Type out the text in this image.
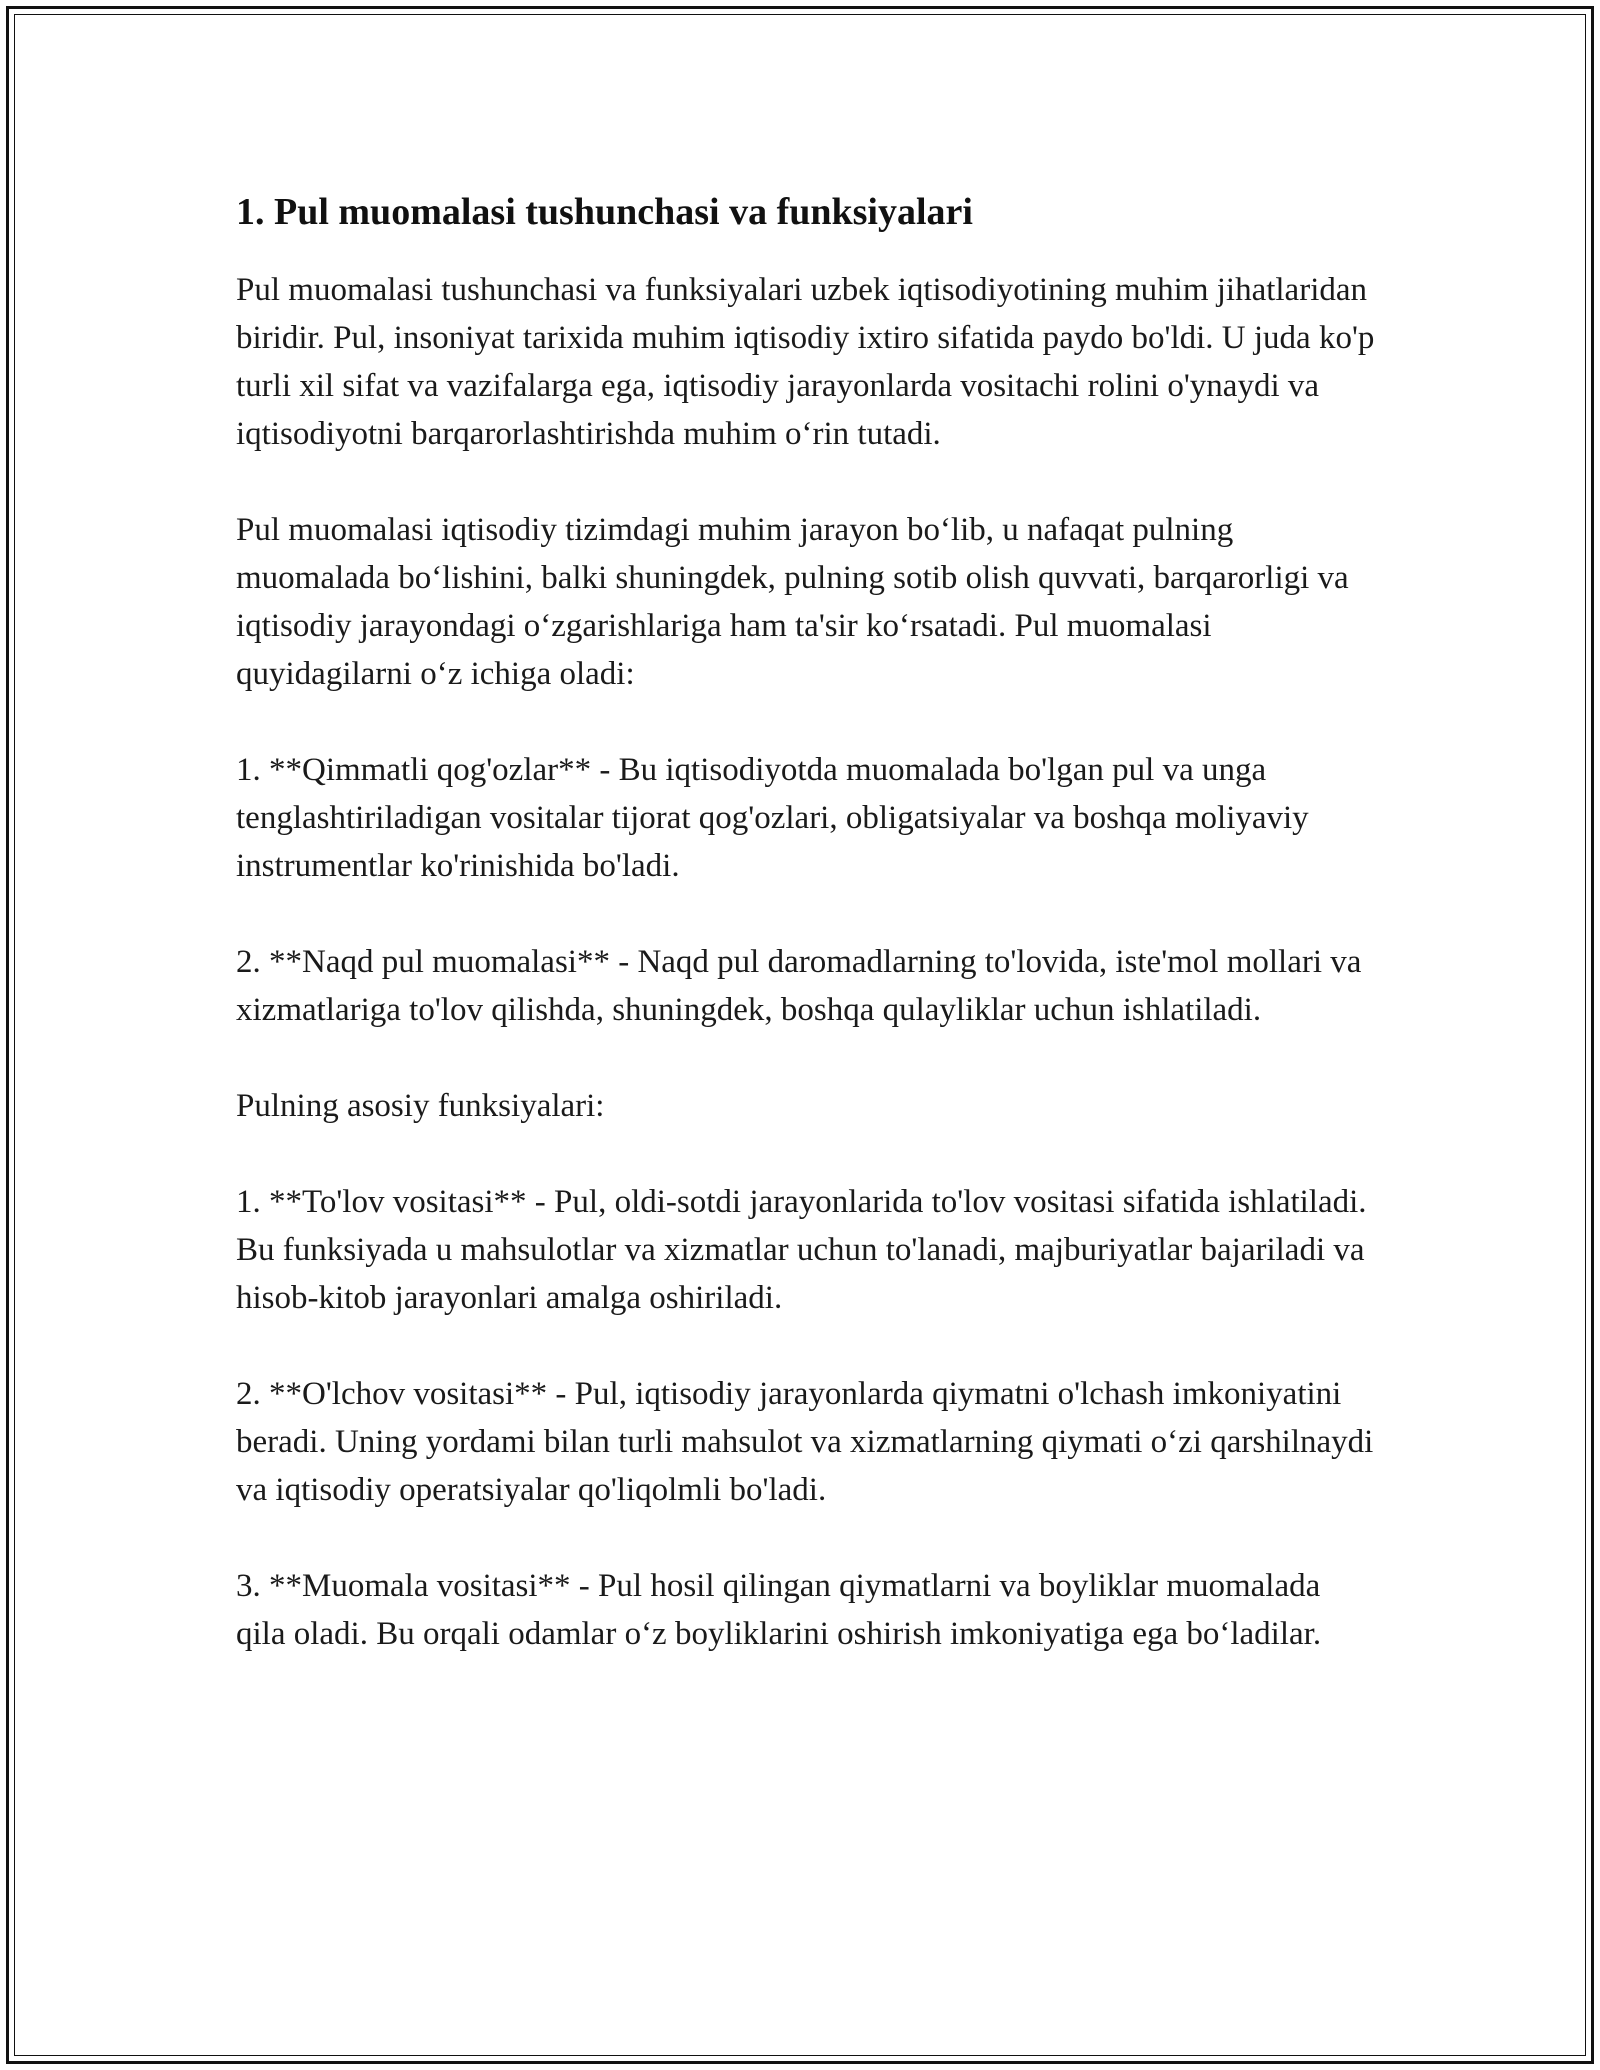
1. Pul muomalasi tushunchasi va funksiyalari

Pul muomalasi tushunchasi va funksiyalari uzbek iqtisodiyotining muhim jihatlaridan biridir. Pul, insoniyat tarixida muhim iqtisodiy ixtiro sifatida paydo bo'ldi. U juda ko'p turli xil sifat va vazifalarga ega, iqtisodiy jarayonlarda vositachi rolini o'ynaydi va iqtisodiyotni barqarorlashtirishda muhim o‘rin tutadi.

Pul muomalasi iqtisodiy tizimdagi muhim jarayon bo‘lib, u nafaqat pulning muomalada bo‘lishini, balki shuningdek, pulning sotib olish quvvati, barqarorligi va iqtisodiy jarayondagi o‘zgarishlariga ham ta'sir ko‘rsatadi. Pul muomalasi quyidagilarni o‘z ichiga oladi:

1. **Qimmatli qog'ozlar** - Bu iqtisodiyotda muomalada bo'lgan pul va unga tenglashtiriladigan vositalar tijorat qog'ozlari, obligatsiyalar va boshqa moliyaviy instrumentlar ko'rinishida bo'ladi.

2. **Naqd pul muomalasi** - Naqd pul daromadlarning to'lovida, iste'mol mollari va xizmatlariga to'lov qilishda, shuningdek, boshqa qulayliklar uchun ishlatiladi.

Pulning asosiy funksiyalari:

1. **To'lov vositasi** - Pul, oldi-sotdi jarayonlarida to'lov vositasi sifatida ishlatiladi. Bu funksiyada u mahsulotlar va xizmatlar uchun to'lanadi, majburiyatlar bajariladi va hisob-kitob jarayonlari amalga oshiriladi.

2. **O'lchov vositasi** - Pul, iqtisodiy jarayonlarda qiymatni o'lchash imkoniyatini beradi. Uning yordami bilan turli mahsulot va xizmatlarning qiymati o‘zi qarshilnaydi va iqtisodiy operatsiyalar qo'liqolmli bo'ladi.

3. **Muomala vositasi** - Pul hosil qilingan qiymatlarni va boyliklar muomalada qila oladi. Bu orqali odamlar o‘z boyliklarini oshirish imkoniyatiga ega bo‘ladilar.
